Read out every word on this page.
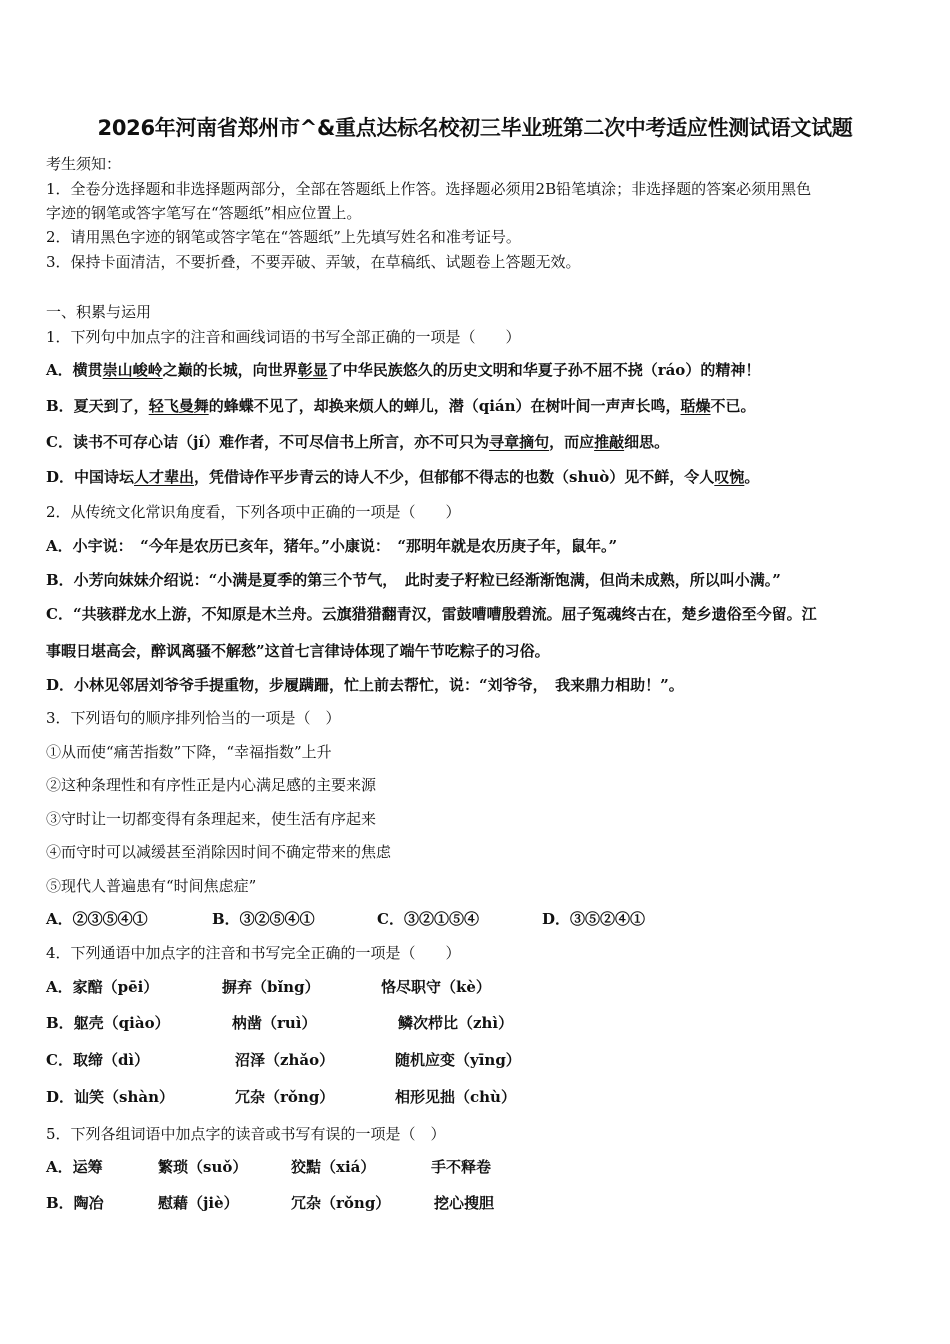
2026年河南省郑州市^&重点达标名校初三毕业班第二次中考适应性测试语文试题
考生须知：
1．全卷分选择题和非选择题两部分，全部在答题纸上作答。选择题必须用2B铅笔填涂；非选择题的答案必须用黑色
字迹的钢笔或答字笔写在“答题纸”相应位置上。
2．请用黑色字迹的钢笔或答字笔在“答题纸”上先填写姓名和准考证号。
3．保持卡面清洁，不要折叠，不要弄破、弄皱，在草稿纸、试题卷上答题无效。
一、积累与运用
1．下列句中加点字的注音和画线词语的书写全部正确的一项是（　　）
A．横贯崇山峻岭之巅的长城，向世界彰显了中华民族悠久的历史文明和华夏子孙不屈不挠（ráo）的精神！
B．夏天到了，轻飞曼舞的蜂蝶不见了，却换来烦人的蝉儿，潜（qián）在树叶间一声声长鸣，聒燥不已。
C．读书不可存心诘（jí）难作者，不可尽信书上所言，亦不可只为寻章摘句，而应推敲细思。
D．中国诗坛人才辈出，凭借诗作平步青云的诗人不少，但郁郁不得志的也数（shuò）见不鲜，令人叹惋。
2．从传统文化常识角度看，下列各项中正确的一项是（　　）
A．小宇说：　“今年是农历已亥年，猪年。”小康说：　“那明年就是农历庚子年，鼠年。”
B．小芳向妹妹介绍说：“小满是夏季的第三个节气，　此时麦子籽粒已经渐渐饱满，但尚未成熟，所以叫小满。”
C．“共骇群龙水上游，不知原是木兰舟。云旗猎猎翻青汉，雷鼓嘈嘈殷碧流。屈子冤魂终古在，楚乡遗俗至今留。江
事暇日堪高会，醉讽离骚不解愁”这首七言律诗体现了端午节吃粽子的习俗。
D．小林见邻居刘爷爷手提重物，步履蹒跚，忙上前去帮忙，说：“刘爷爷，　我来鼎力相助！”。
3．下列语句的顺序排列恰当的一项是（　）
①从而使“痛苦指数”下降，“幸福指数”上升
②这种条理性和有序性正是内心满足感的主要来源
③守时让一切都变得有条理起来，使生活有序起来
④而守时可以减缓甚至消除因时间不确定带来的焦虑
⑤现代人普遍患有“时间焦虑症”
A．②③⑤④①	B．③②⑤④①	C．③②①⑤④	D．③⑤②④①
4．下列通语中加点字的注音和书写完全正确的一项是（　　）
A．家醅（pēi）	摒弃（bǐng）	恪尽职守（kè）
B．躯壳（qiào）	枘凿（ruì）	鳞次栉比（zhì）
C．取缔（dì）	沼泽（zhǎo）	随机应变（yīng）
D．讪笑（shàn）	冗杂（rǒng）	相形见拙（chù）
5．下列各组词语中加点字的读音或书写有误的一项是（　）
A．运筹	繁琐（suǒ）	狡黠（xiá）	手不释卷
B．陶冶	慰藉（jiè）	冗杂（rǒng）	挖心搜胆
